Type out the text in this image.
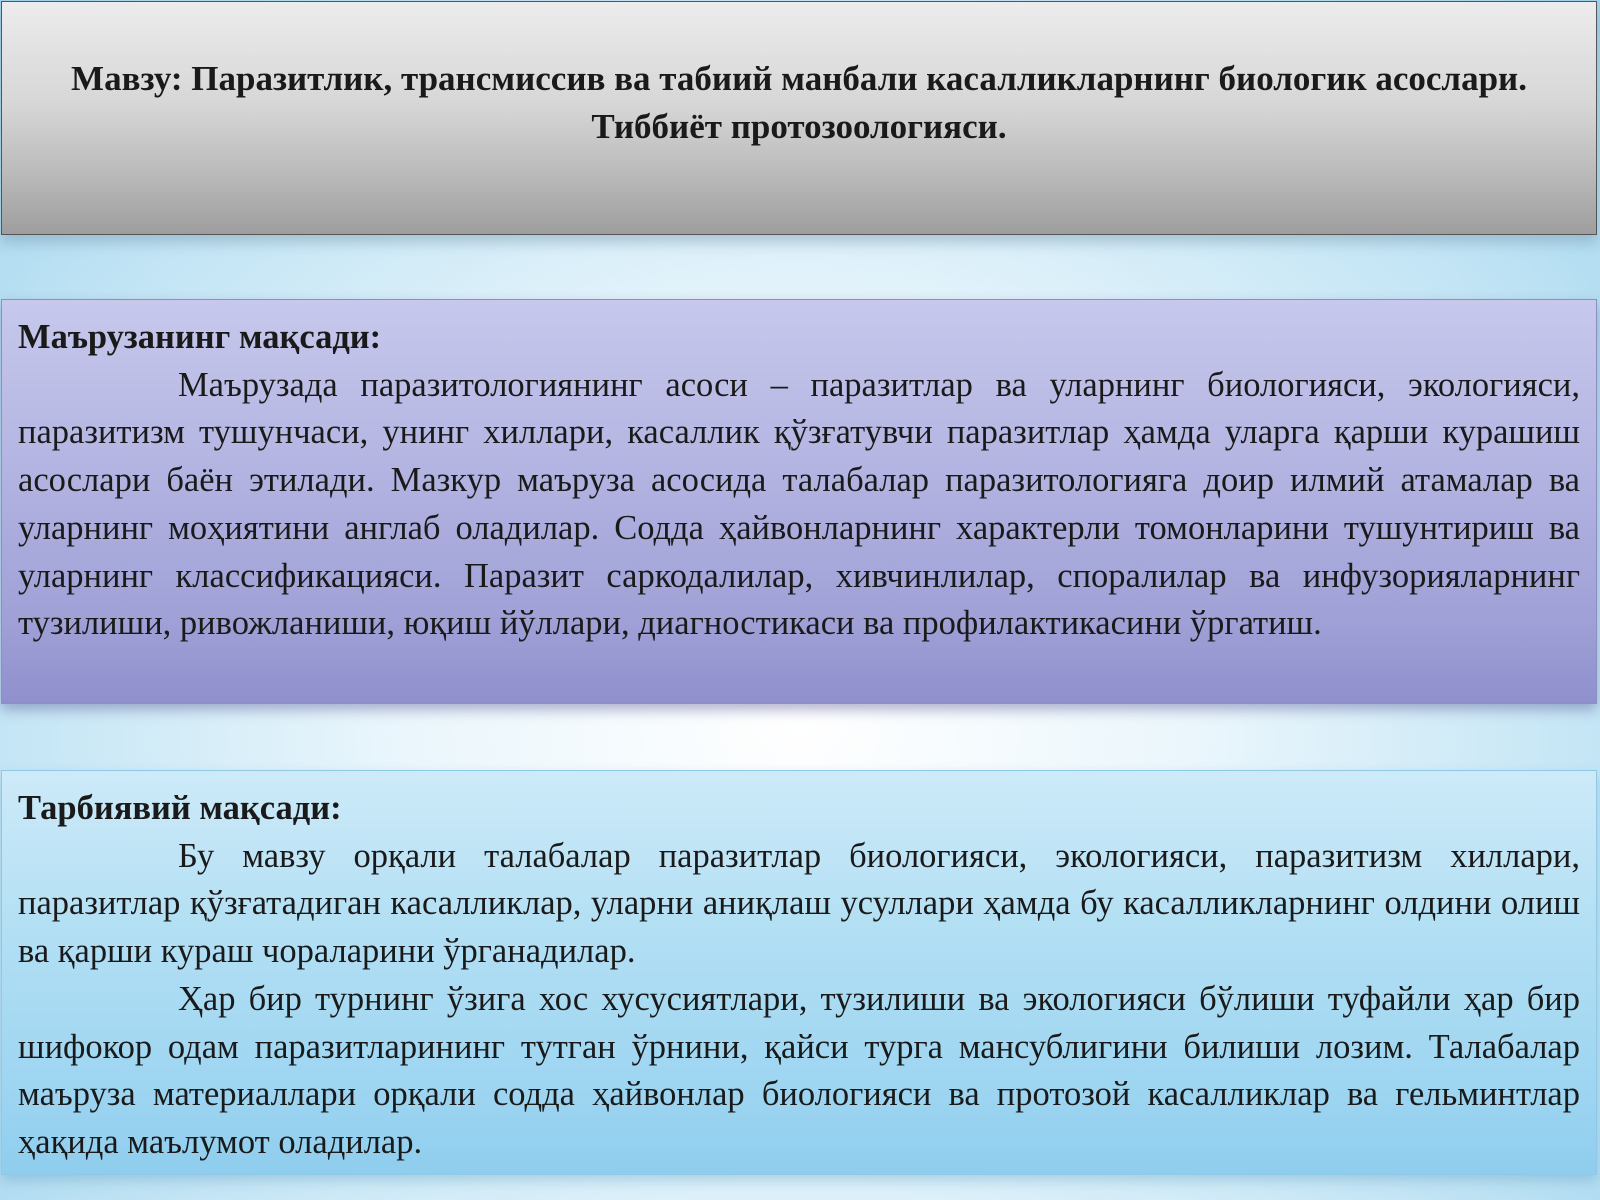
Мавзу: Паразитлик, трансмиссив ва табиий манбали касалликларнинг биологик асослари. Тиббиёт протозоологияси.
Маърузанинг мақсади:

Маърузада паразитологиянинг асоси – паразитлар ва уларнинг биологияси, экологияси, паразитизм тушунчаси, унинг хиллари, касаллик қўзғатувчи паразитлар ҳамда уларга қарши курашиш асослари баён этилади. Мазкур маъруза асосида талабалар паразитологияга доир илмий атамалар ва уларнинг моҳиятини англаб оладилар. Содда ҳайвонларнинг характерли томонларини тушунтириш ва уларнинг классификацияси. Паразит саркодалилар, хивчинлилар, споралилар ва инфузорияларнинг тузилиши, ривожланиши, юқиш йўллари, диагностикаси ва профилактикасини ўргатиш.

Тарбиявий мақсади:

Бу мавзу орқали талабалар паразитлар биологияси, экологияси, паразитизм хиллари, паразитлар қўзғатадиган касалликлар, уларни аниқлаш усуллари ҳамда бу касалликларнинг олдини олиш ва қарши кураш чораларини ўрганадилар.

Ҳар бир турнинг ўзига хос хусусиятлари, тузилиши ва экологияси бўлиши туфайли ҳар бир шифокор одам паразитларининг тутган ўрнини, қайси турга мансублигини билиши лозим. Талабалар маъруза материаллари орқали содда ҳайвонлар биологияси ва протозой касалликлар ва гельминтлар ҳақида маълумот оладилар.
